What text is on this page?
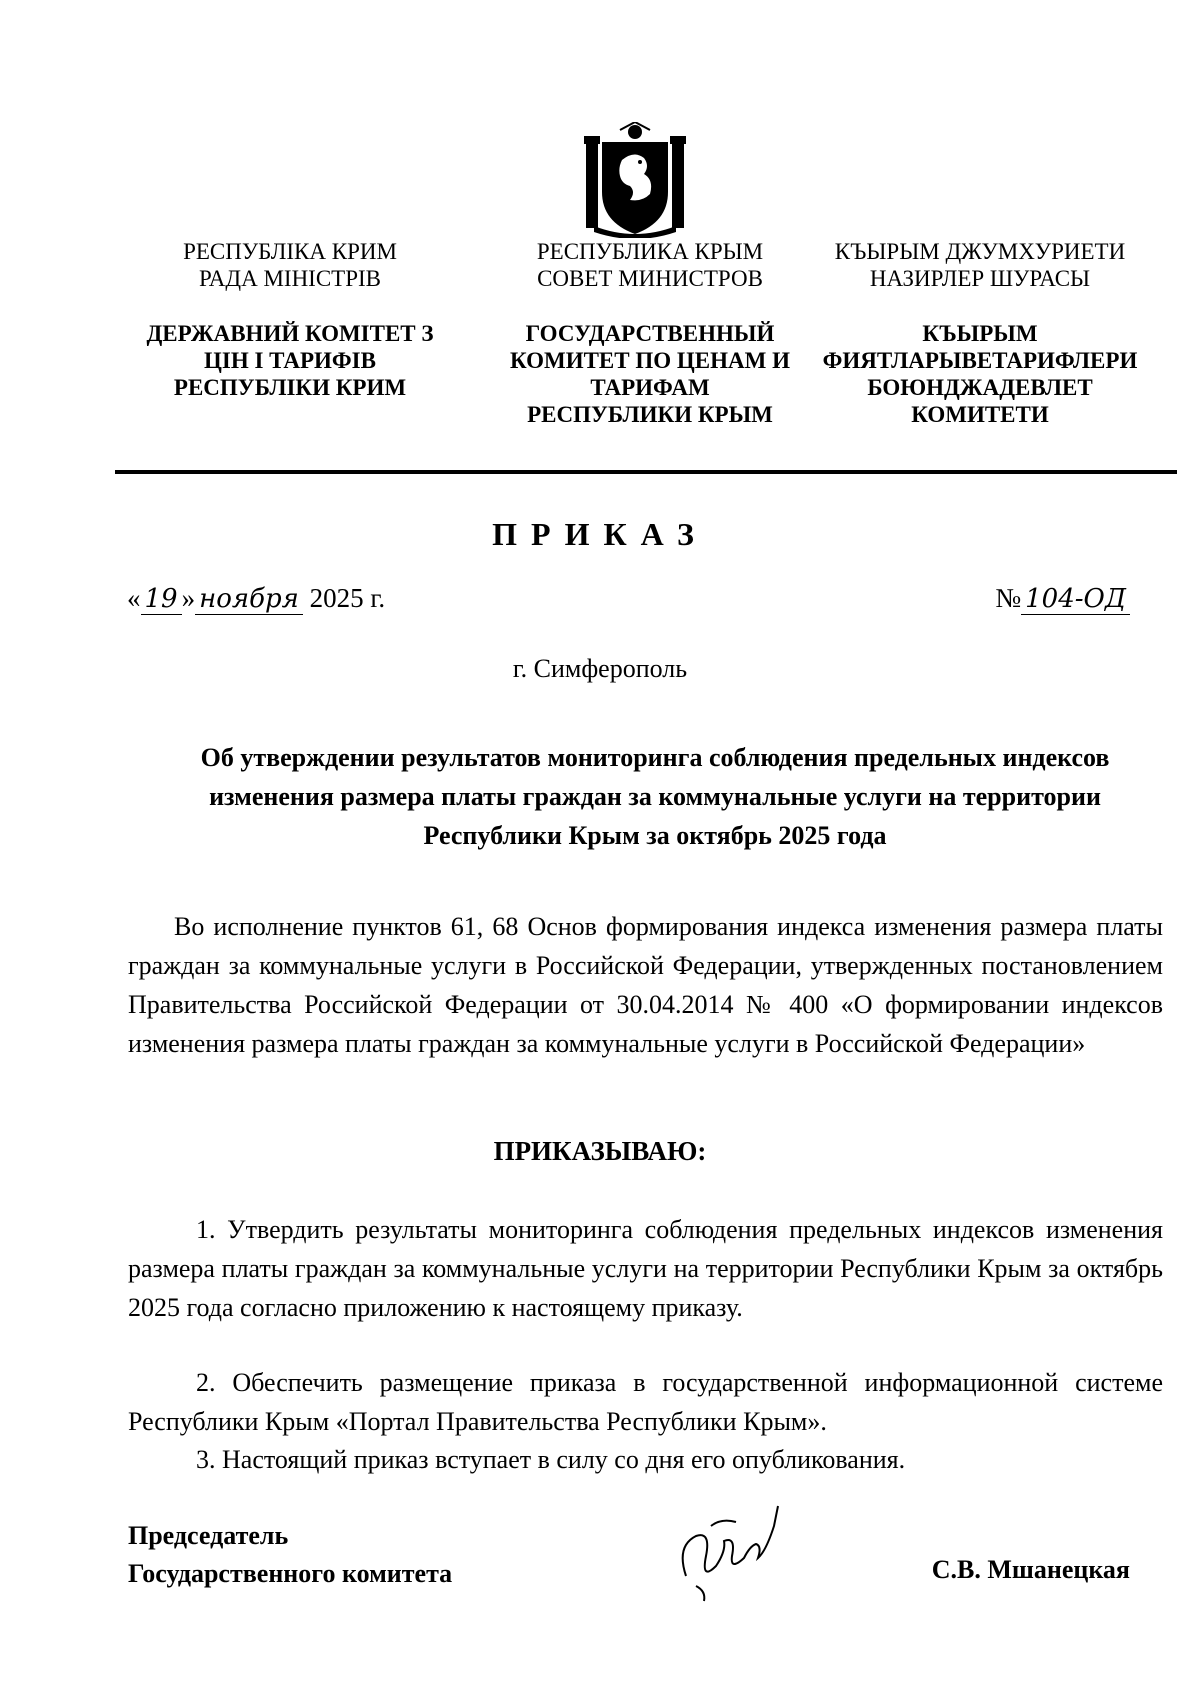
РЕСПУБЛІКА КРИМ
РАДА МІНІСТРІВ
ДЕРЖАВНИЙ КОМІТЕТ З
ЦІН І ТАРИФІВ
РЕСПУБЛІКИ КРИМ
РЕСПУБЛИКА КРЫМ
СОВЕТ МИНИСТРОВ
ГОСУДАРСТВЕННЫЙ
КОМИТЕТ ПО ЦЕНАМ И
ТАРИФАМ
РЕСПУБЛИКИ КРЫМ
КЪЫРЫМ ДЖУМХУРИЕТИ
НАЗИРЛЕР ШУРАСЫ
КЪЫРЫМ
ФИЯТЛАРЫВЕТАРИФЛЕРИ
БОЮНДЖАДЕВЛЕТ
КОМИТЕТИ
ПРИКАЗ
« 19 » ноября 2025 г.	№ 104-ОД
г. Симферополь
Об утверждении результатов мониторинга соблюдения предельных индексов изменения размера платы граждан за коммунальные услуги на территории Республики Крым за октябрь 2025 года
Во исполнение пунктов 61, 68 Основ формирования индекса изменения размера платы граждан за коммунальные услуги в Российской Федерации, утвержденных постановлением Правительства Российской Федерации от 30.04.2014 № 400 «О формировании индексов изменения размера платы граждан за коммунальные услуги в Российской Федерации»
ПРИКАЗЫВАЮ:
1. Утвердить результаты мониторинга соблюдения предельных индексов изменения размера платы граждан за коммунальные услуги на территории Республики Крым за октябрь 2025 года согласно приложению к настоящему приказу.
2. Обеспечить размещение приказа в государственной информационной системе Республики Крым «Портал Правительства Республики Крым».
3. Настоящий приказ вступает в силу со дня его опубликования.
Председатель
Государственного комитета	С.В. Мшанецкая
